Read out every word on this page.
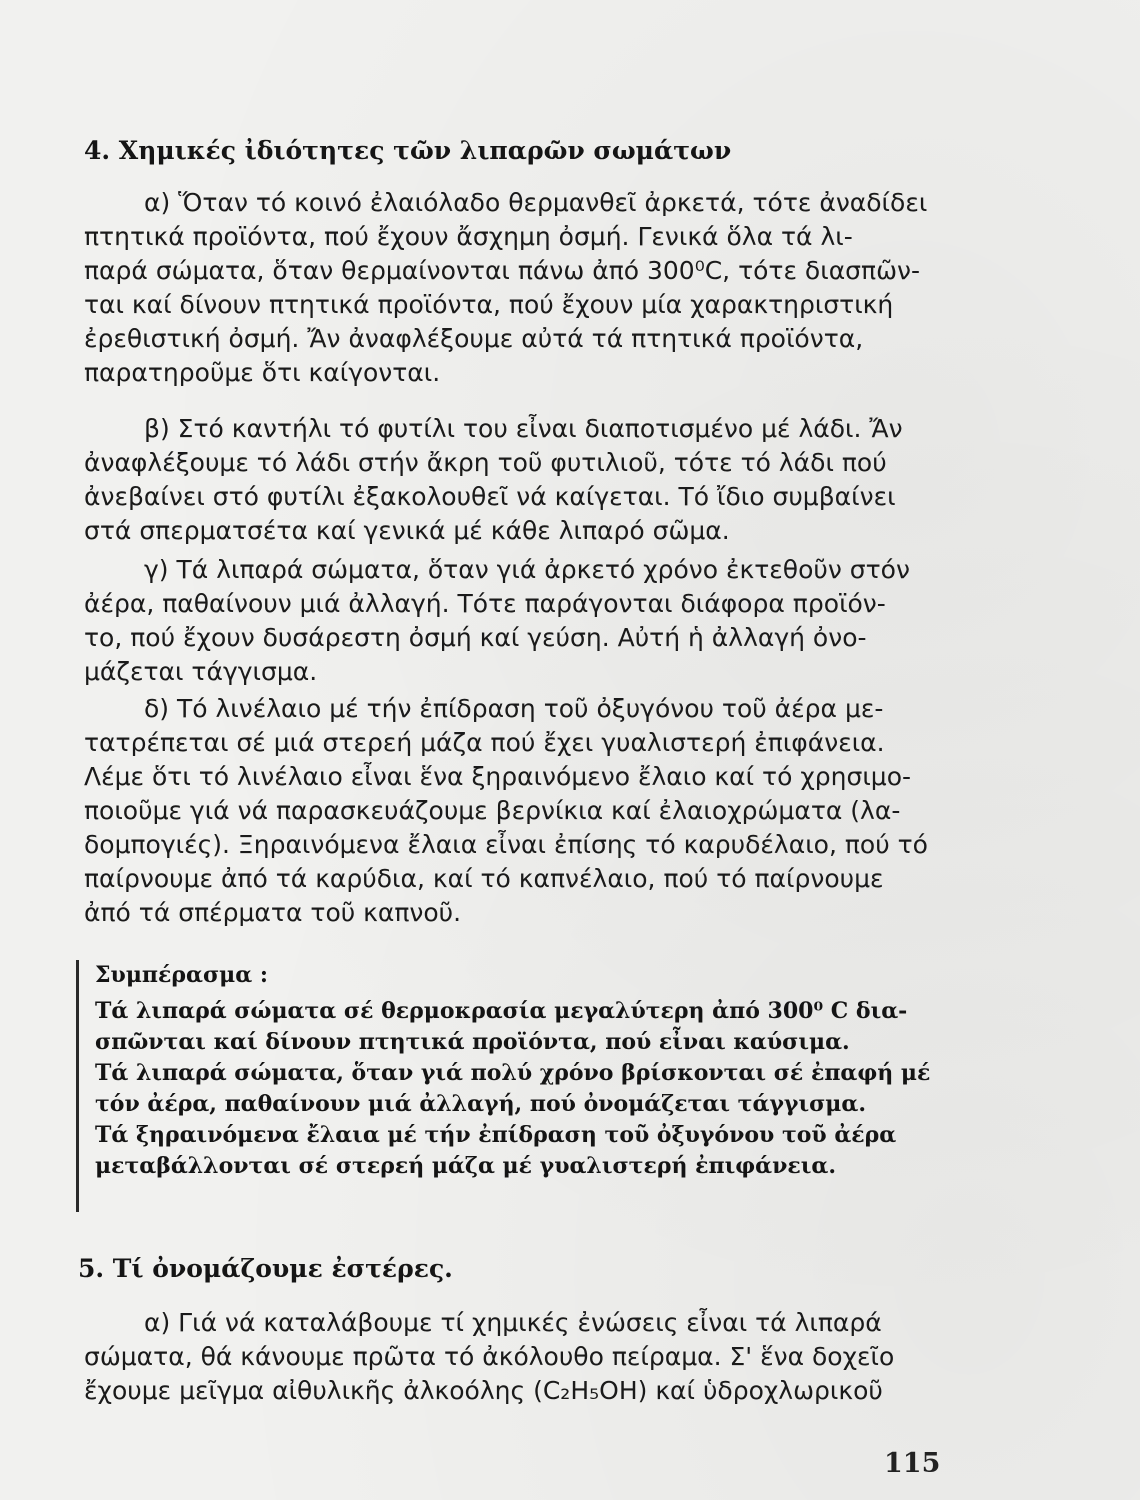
4. Χημικές ἰδιότητες τῶν λιπαρῶν σωμάτων
α) Ὅταν τό κοινό ἐλαιόλαδο θερμανθεῖ ἀρκετά, τότε ἀναδίδει
πτητικά προϊόντα, πού ἔχουν ἄσχημη ὀσμή. Γενικά ὅλα τά λι-
παρά σώματα, ὅταν θερμαίνονται πάνω ἀπό 300⁰C, τότε διασπῶν-
ται καί δίνουν πτητικά προϊόντα, πού ἔχουν μία χαρακτηριστική
ἐρεθιστική ὀσμή. Ἄν ἀναφλέξουμε αὐτά τά πτητικά προϊόντα,
παρατηροῦμε ὅτι καίγονται.
β) Στό καντήλι τό φυτίλι του εἶναι διαποτισμένο μέ λάδι. Ἄν
ἀναφλέξουμε τό λάδι στήν ἄκρη τοῦ φυτιλιοῦ, τότε τό λάδι πού
ἀνεβαίνει στό φυτίλι ἐξακολουθεῖ νά καίγεται. Τό ἴδιο συμβαίνει
στά σπερματσέτα καί γενικά μέ κάθε λιπαρό σῶμα.
γ) Τά λιπαρά σώματα, ὅταν γιά ἀρκετό χρόνο ἐκτεθοῦν στόν
ἀέρα, παθαίνουν μιά ἀλλαγή. Τότε παράγονται διάφορα προϊόν-
το, πού ἔχουν δυσάρεστη ὀσμή καί γεύση. Αὐτή ἡ ἀλλαγή ὀνο-
μάζεται τάγγισμα.
δ) Τό λινέλαιο μέ τήν ἐπίδραση τοῦ ὀξυγόνου τοῦ ἀέρα με-
τατρέπεται σέ μιά στερεή μάζα πού ἔχει γυαλιστερή ἐπιφάνεια.
Λέμε ὅτι τό λινέλαιο εἶναι ἕνα ξηραινόμενο ἔλαιο καί τό χρησιμο-
ποιοῦμε γιά νά παρασκευάζουμε βερνίκια καί ἐλαιοχρώματα (λα-
δομπογιές). Ξηραινόμενα ἔλαια εἶναι ἐπίσης τό καρυδέλαιο, πού τό
παίρνουμε ἀπό τά καρύδια, καί τό καπνέλαιο, πού τό παίρνουμε
ἀπό τά σπέρματα τοῦ καπνοῦ.
Συμπέρασμα :
Τά λιπαρά σώματα σέ θερμοκρασία μεγαλύτερη ἀπό 300⁰ C δια-
σπῶνται καί δίνουν πτητικά προϊόντα, πού εἶναι καύσιμα.
Τά λιπαρά σώματα, ὅταν γιά πολύ χρόνο βρίσκονται σέ ἐπαφή μέ
τόν ἀέρα, παθαίνουν μιά ἀλλαγή, πού ὀνομάζεται τάγγισμα.
Τά ξηραινόμενα ἔλαια μέ τήν ἐπίδραση τοῦ ὀξυγόνου τοῦ ἀέρα
μεταβάλλονται σέ στερεή μάζα μέ γυαλιστερή ἐπιφάνεια.
5. Τί ὀνομάζουμε ἐστέρες.
α) Γιά νά καταλάβουμε τί χημικές ἐνώσεις εἶναι τά λιπαρά
σώματα, θά κάνουμε πρῶτα τό ἀκόλουθο πείραμα. Σ' ἕνα δοχεῖο
ἔχουμε μεῖγμα αἰθυλικῆς ἀλκοόλης (C₂H₅OH) καί ὑδροχλωρικοῦ
115
